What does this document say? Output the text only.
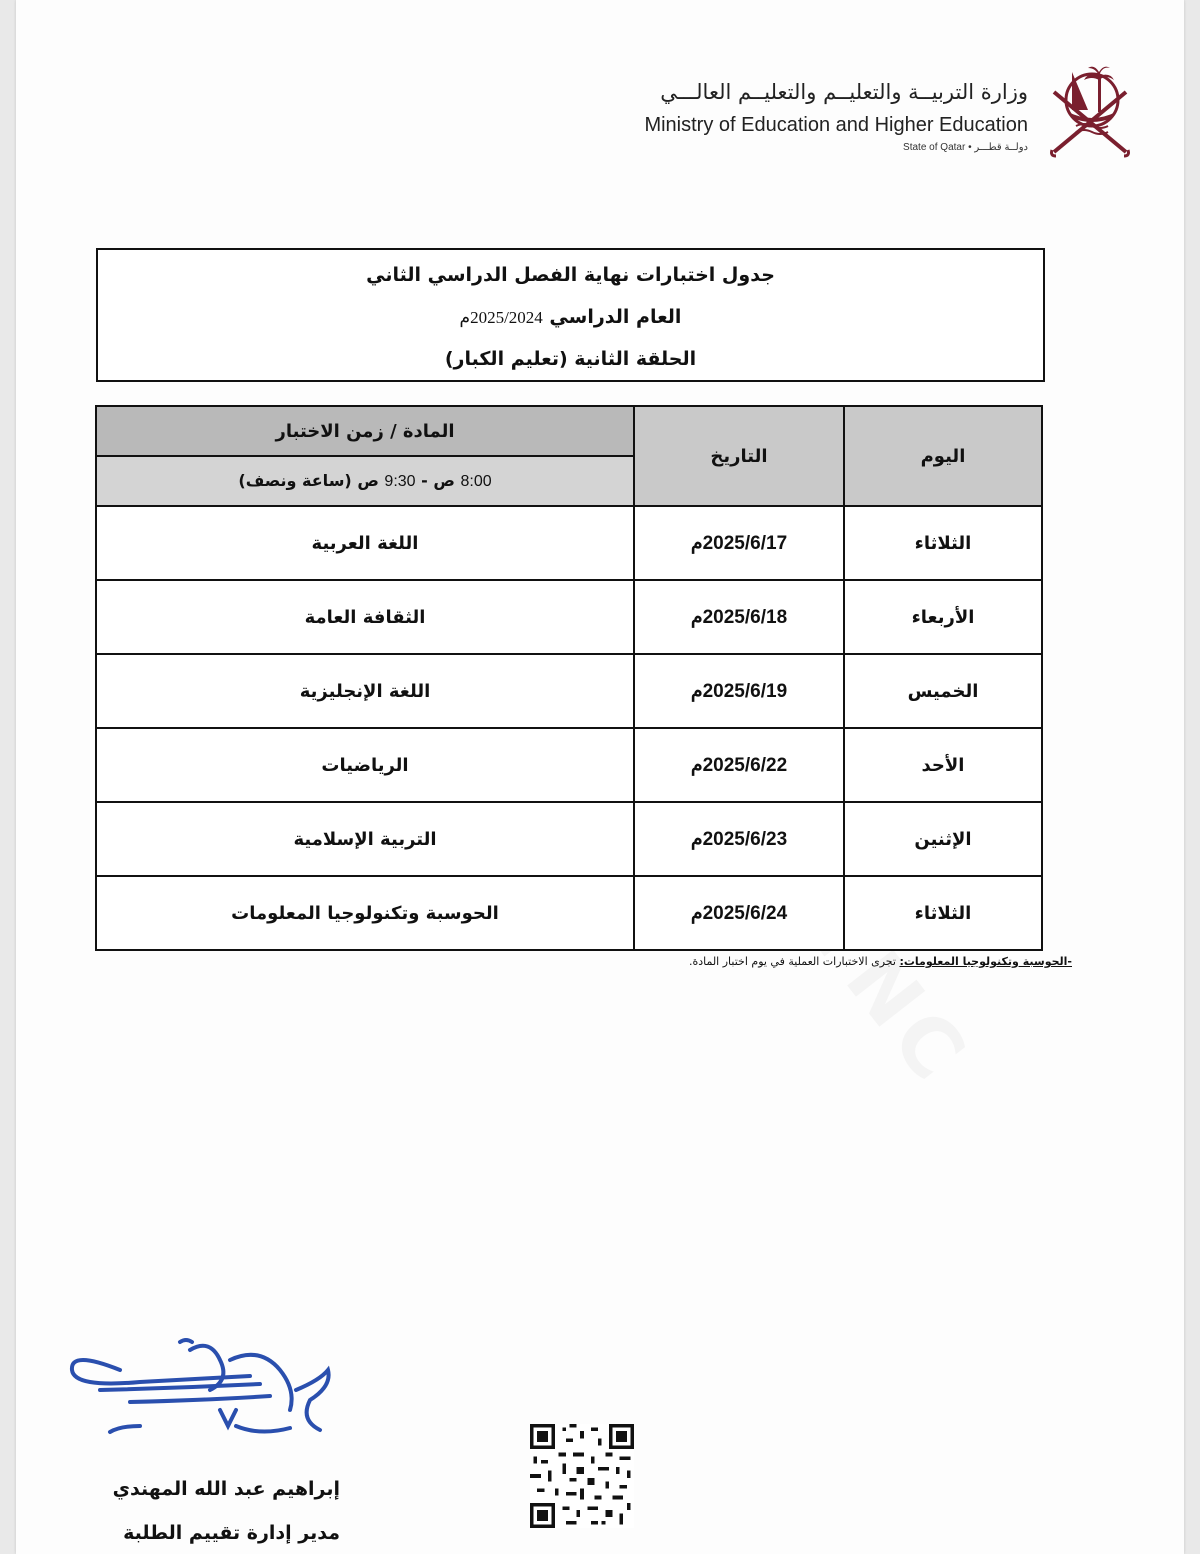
وزارة التربيــة والتعليــم والتعليــم العالـــي
Ministry of Education and Higher Education
State of Qatar • دولــة قطـــر
جدول اختبارات نهاية الفصل الدراسي الثاني
العام الدراسي 2025/2024م
الحلقة الثانية (تعليم الكبار)
اليوم	التاريخ	المادة / زمن الاختبار
		8:00 ص - 9:30 ص (ساعة ونصف)
الثلاثاء	2025/6/17م	اللغة العربية
الأربعاء	2025/6/18م	الثقافة العامة
الخميس	2025/6/19م	اللغة الإنجليزية
الأحد	2025/6/22م	الرياضيات
الإثنين	2025/6/23م	التربية الإسلامية
الثلاثاء	2025/6/24م	الحوسبة وتكنولوجيا المعلومات
-الحوسبة وتكنولوجيا المعلومات: تجرى الاختبارات العملية في يوم اختبار المادة.
إبراهيم عبد الله المهندي
مدير إدارة تقييم الطلبة
